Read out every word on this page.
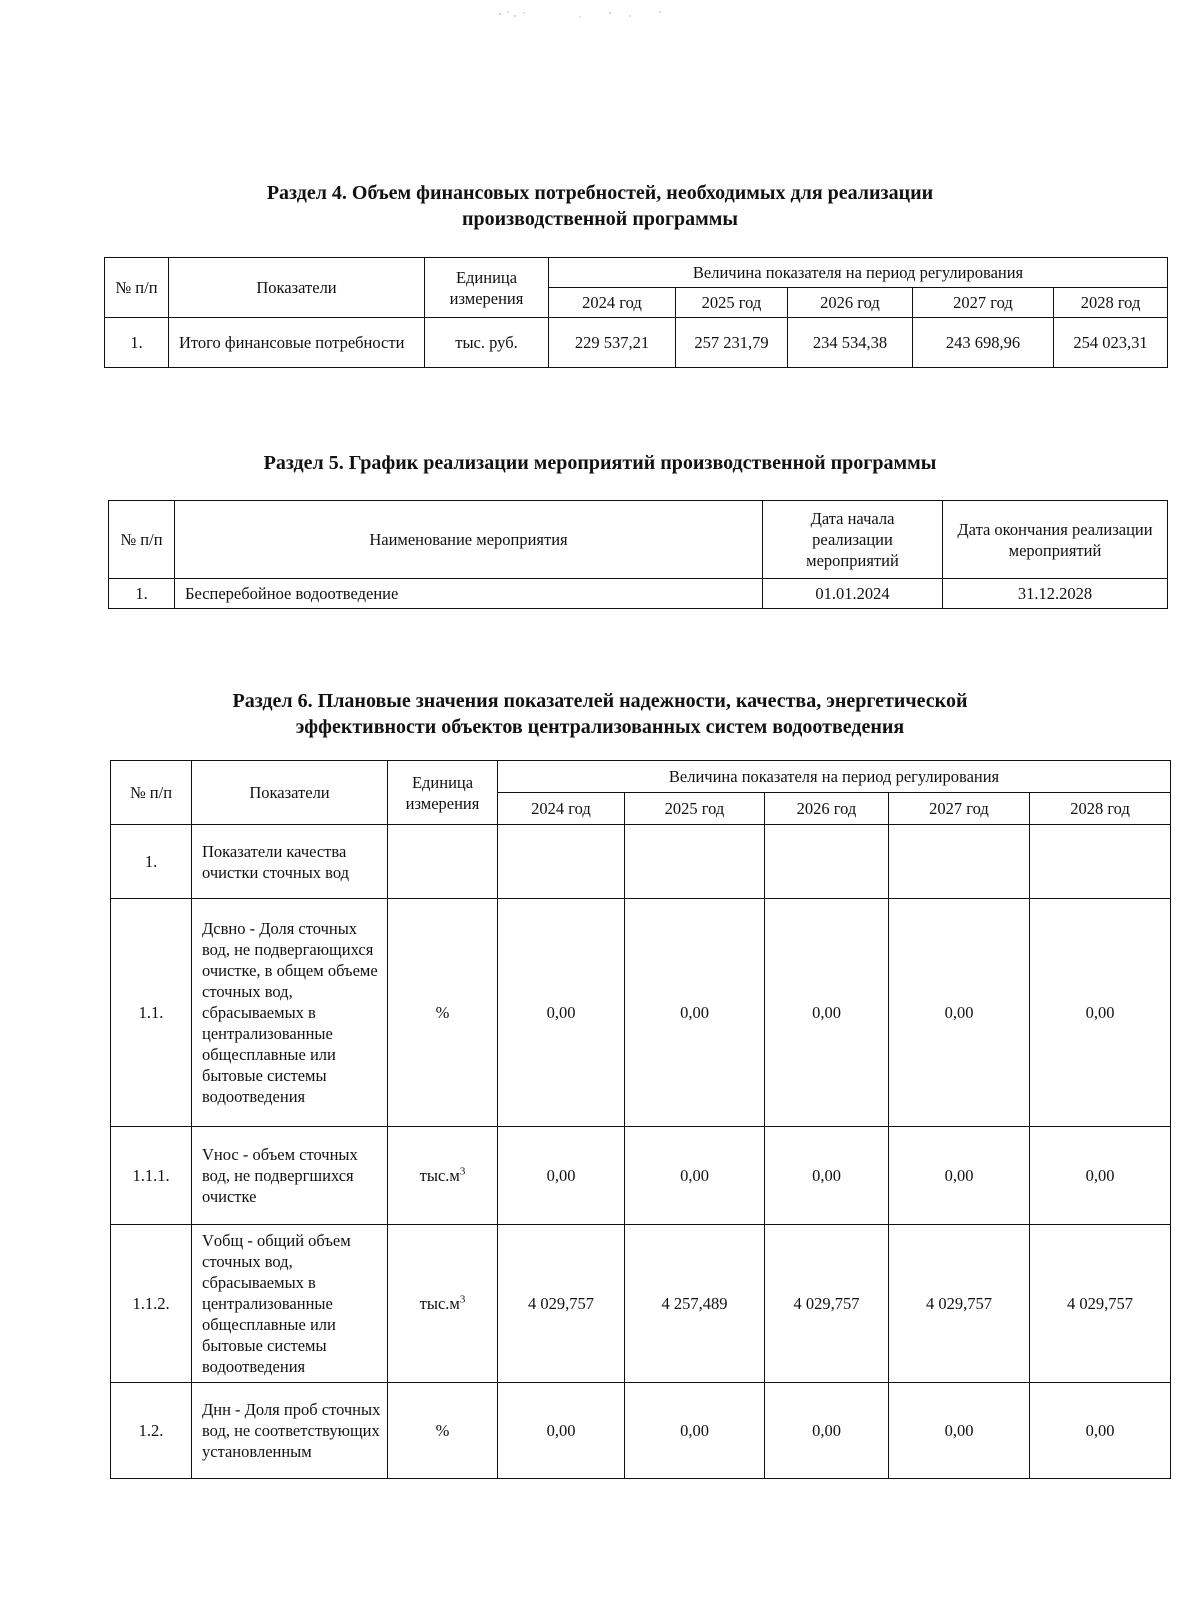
Раздел 4. Объем финансовых потребностей, необходимых для реализации
производственной программы
№ п/п	Показатели	Единица измерения	Величина показателя на период регулирования				
			2024 год	2025 год	2026 год	2027 год	2028 год
1.	Итого финансовые потребности	тыс. руб.	229 537,21	257 231,79	234 534,38	243 698,96	254 023,31
Раздел 5. График реализации мероприятий производственной программы
№ п/п	Наименование мероприятия	Дата начала реализации мероприятий	Дата окончания реализации мероприятий
1.	Бесперебойное водоотведение	01.01.2024	31.12.2028
Раздел 6. Плановые значения показателей надежности, качества, энергетической
эффективности объектов централизованных систем водоотведения
№ п/п	Показатели	Единица измерения	Величина показателя на период регулирования				
			2024 год	2025 год	2026 год	2027 год	2028 год
1.	Показатели качества очистки сточных вод						
1.1.	Дсвно - Доля сточных вод, не подвергающихся очистке, в общем объеме сточных вод, сбрасываемых в централизованные общесплавные или бытовые системы водоотведения	%	0,00	0,00	0,00	0,00	0,00
1.1.1.	Vнос - объем сточных вод, не подвергшихся очистке	$тыс.м^3$	0,00	0,00	0,00	0,00	0,00
1.1.2.	Vобщ - общий объем сточных вод, сбрасываемых в централизованные общесплавные или бытовые системы водоотведения	$тыс.м^3$	4 029,757	4 257,489	4 029,757	4 029,757	4 029,757
1.2.	Днн - Доля проб сточных вод, не соответствующих установленным	%	0,00	0,00	0,00	0,00	0,00
